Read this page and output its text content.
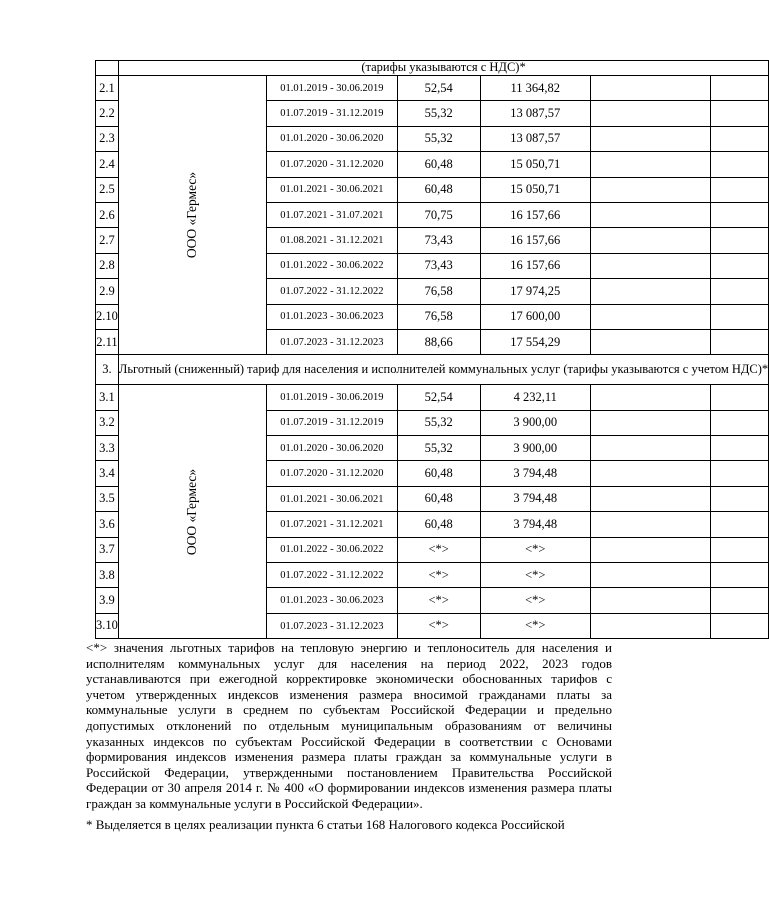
	(тарифы указываются с НДС)*					
2.1	ООО «Гермес»	01.01.2019 - 30.06.2019	52,54	11 364,82		
2.2		01.07.2019 - 31.12.2019	55,32	13 087,57		
2.3		01.01.2020 - 30.06.2020	55,32	13 087,57		
2.4		01.07.2020 - 31.12.2020	60,48	15 050,71		
2.5		01.01.2021 - 30.06.2021	60,48	15 050,71		
2.6		01.07.2021 - 31.07.2021	70,75	16 157,66		
2.7		01.08.2021 - 31.12.2021	73,43	16 157,66		
2.8		01.01.2022 - 30.06.2022	73,43	16 157,66		
2.9		01.07.2022 - 31.12.2022	76,58	17 974,25		
2.10		01.01.2023 - 30.06.2023	76,58	17 600,00		
2.11		01.07.2023 - 31.12.2023	88,66	17 554,29		
3.	Льготный (сниженный) тариф для населения и исполнителей коммунальных услуг (тарифы указываются с учетом НДС)*					
3.1	ООО «Гермес»	01.01.2019 - 30.06.2019	52,54	4 232,11		
3.2		01.07.2019 - 31.12.2019	55,32	3 900,00		
3.3		01.01.2020 - 30.06.2020	55,32	3 900,00		
3.4		01.07.2020 - 31.12.2020	60,48	3 794,48		
3.5		01.01.2021 - 30.06.2021	60,48	3 794,48		
3.6		01.07.2021 - 31.12.2021	60,48	3 794,48		
3.7		01.01.2022 - 30.06.2022	<*>	<*>		
3.8		01.07.2022 - 31.12.2022	<*>	<*>		
3.9		01.01.2023 - 30.06.2023	<*>	<*>		
3.10		01.07.2023 - 31.12.2023	<*>	<*>		
<*> значения льготных тарифов на тепловую энергию и теплоноситель для населения и исполнителям коммунальных услуг для населения на период 2022, 2023 годов устанавливаются при ежегодной корректировке экономически обоснованных тарифов с учетом утвержденных индексов изменения размера вносимой гражданами платы за коммунальные услуги в среднем по субъектам Российской Федерации и предельно допустимых отклонений по отдельным муниципальным образованиям от величины указанных индексов по субъектам Российской Федерации в соответствии с Основами формирования индексов изменения размера платы граждан за коммунальные услуги в Российской Федерации, утвержденными постановлением Правительства Российской Федерации от 30 апреля 2014 г. № 400 «О формировании индексов изменения размера платы граждан за коммунальные услуги в Российской Федерации».
* Выделяется в целях реализации пункта 6 статьи 168 Налогового кодекса Российской
